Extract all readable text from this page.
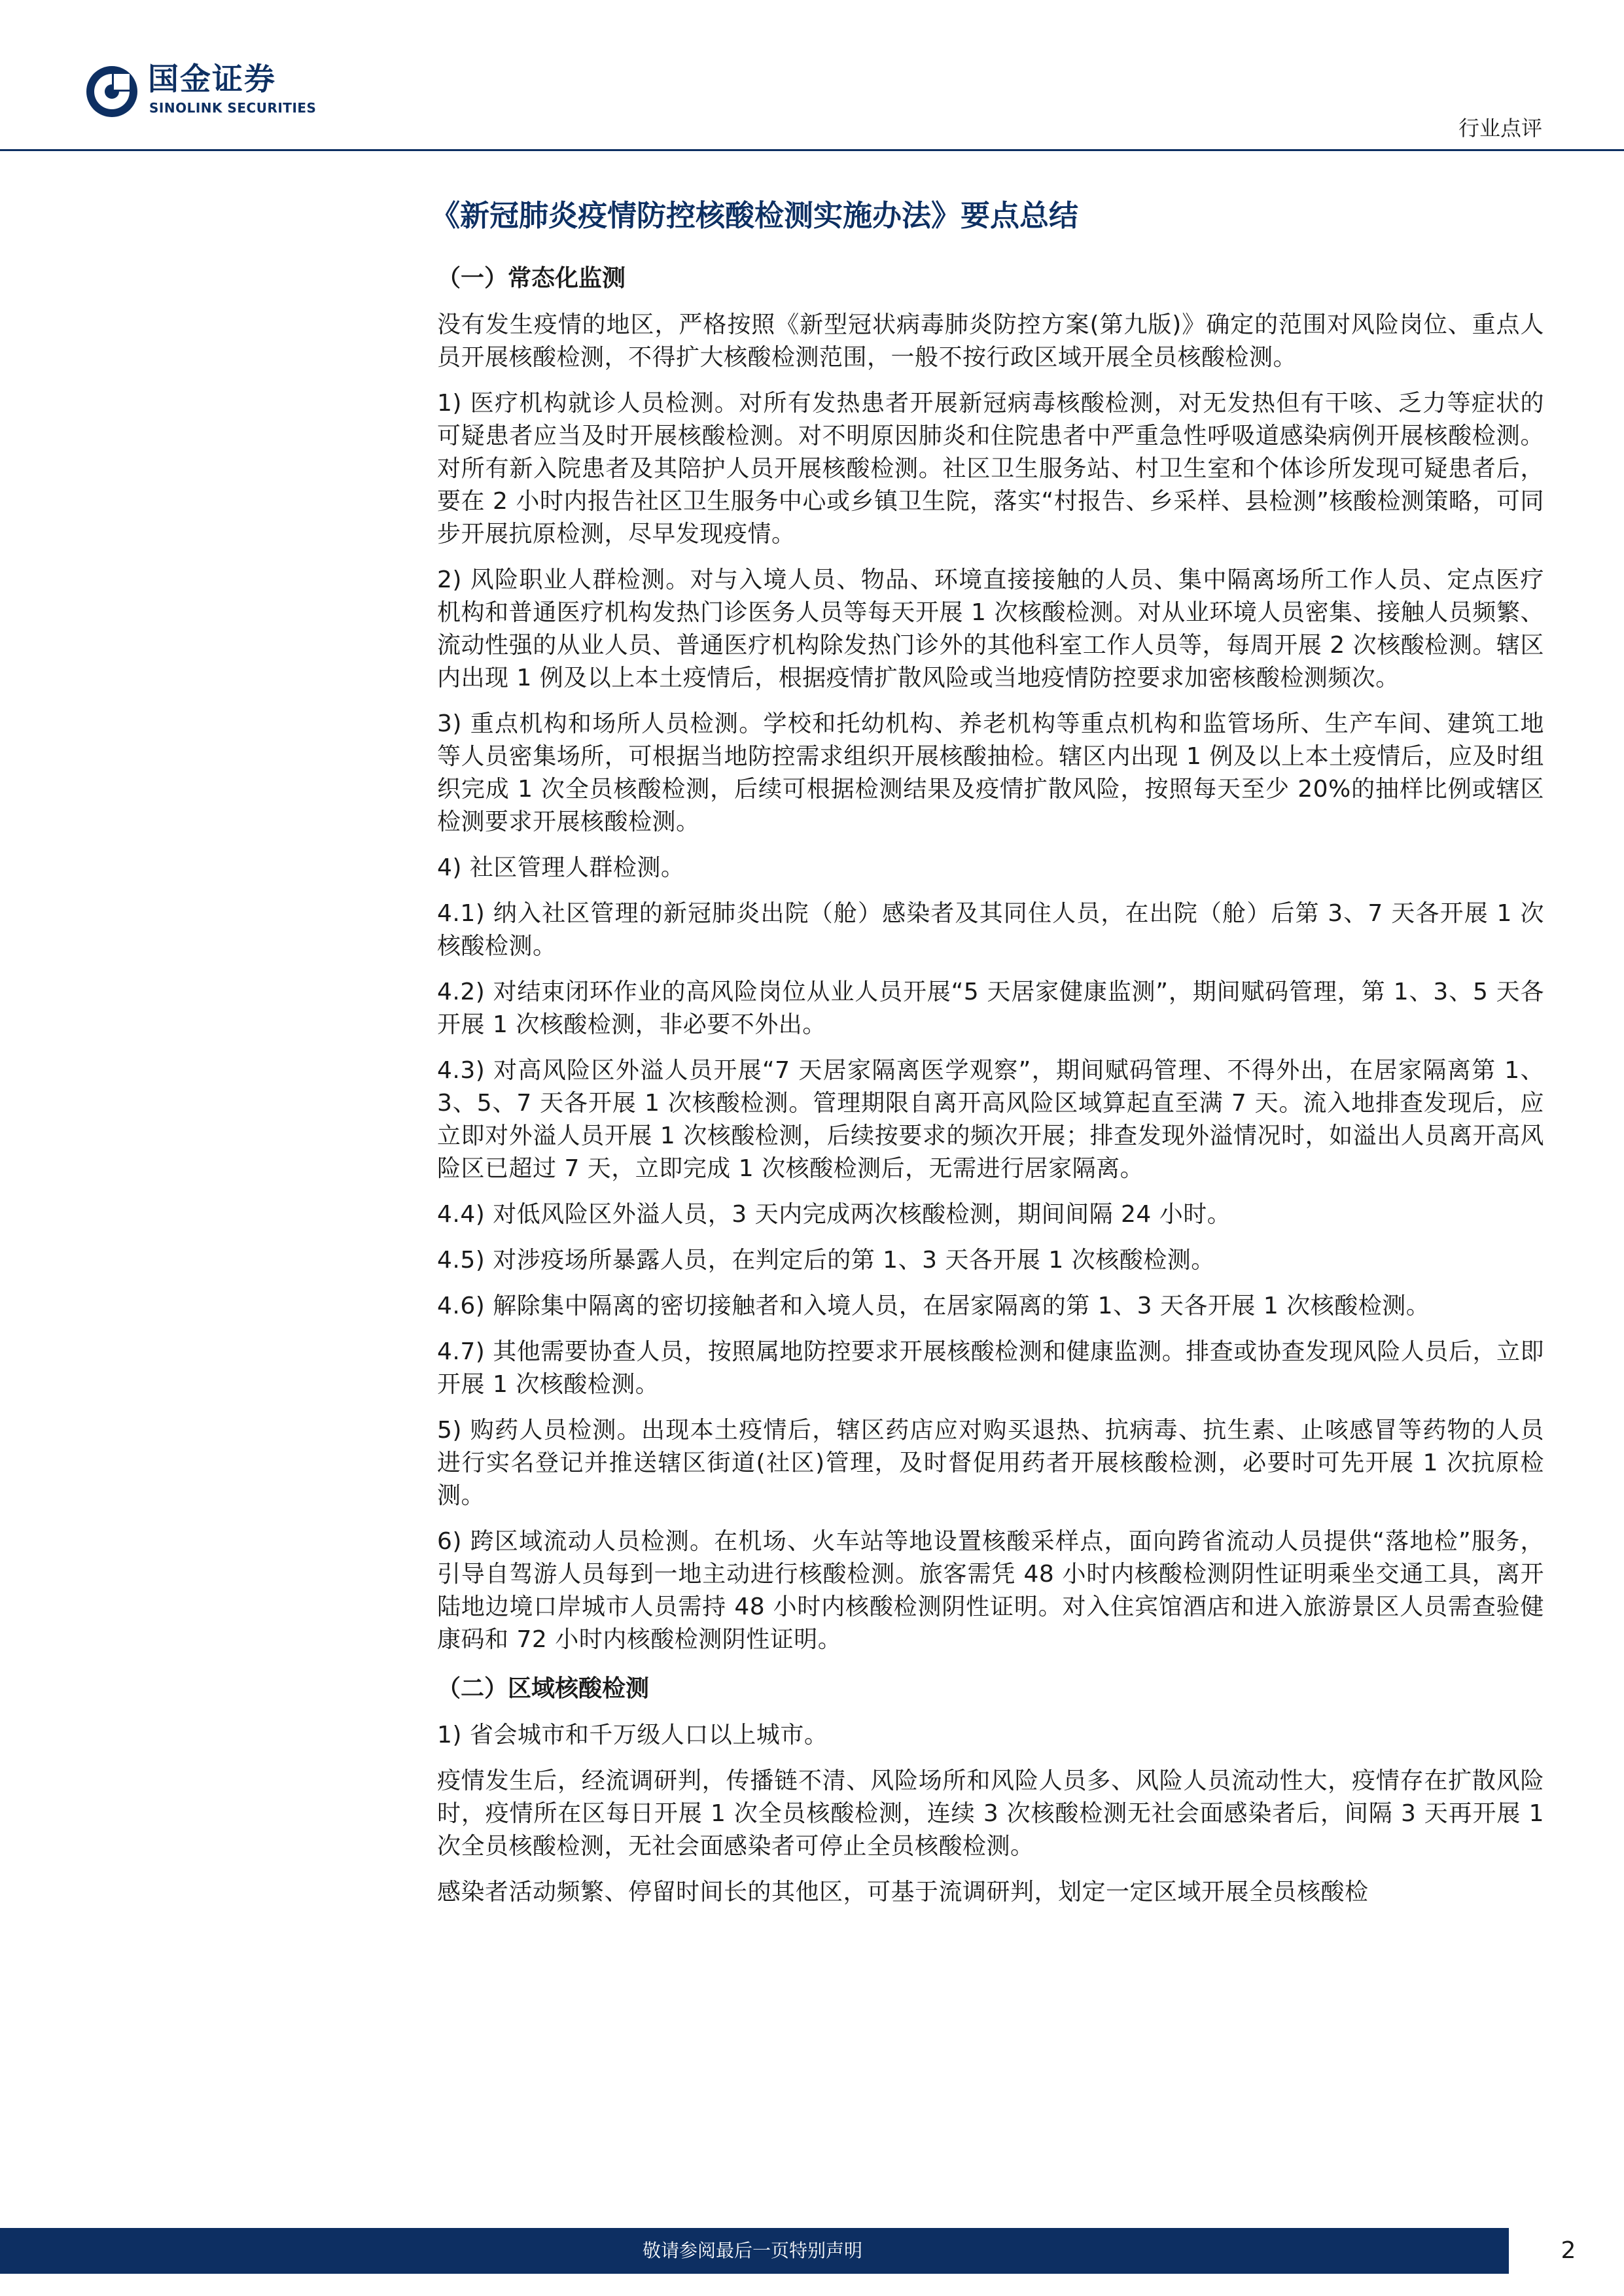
国金证券
SINOLINK SECURITIES
行业点评
《新冠肺炎疫情防控核酸检测实施办法》要点总结
（一）常态化监测

没有发生疫情的地区，严格按照《新型冠状病毒肺炎防控方案(第九版)》确定的范围对风险岗位、重点人员开展核酸检测，不得扩大核酸检测范围，一般不按行政区域开展全员核酸检测。

1) 医疗机构就诊人员检测。对所有发热患者开展新冠病毒核酸检测，对无发热但有干咳、乏力等症状的可疑患者应当及时开展核酸检测。对不明原因肺炎和住院患者中严重急性呼吸道感染病例开展核酸检测。对所有新入院患者及其陪护人员开展核酸检测。社区卫生服务站、村卫生室和个体诊所发现可疑患者后，要在 2 小时内报告社区卫生服务中心或乡镇卫生院，落实“村报告、乡采样、县检测”核酸检测策略，可同步开展抗原检测，尽早发现疫情。

2) 风险职业人群检测。对与入境人员、物品、环境直接接触的人员、集中隔离场所工作人员、定点医疗机构和普通医疗机构发热门诊医务人员等每天开展 1 次核酸检测。对从业环境人员密集、接触人员频繁、流动性强的从业人员、普通医疗机构除发热门诊外的其他科室工作人员等，每周开展 2 次核酸检测。辖区内出现 1 例及以上本土疫情后，根据疫情扩散风险或当地疫情防控要求加密核酸检测频次。

3) 重点机构和场所人员检测。学校和托幼机构、养老机构等重点机构和监管场所、生产车间、建筑工地等人员密集场所，可根据当地防控需求组织开展核酸抽检。辖区内出现 1 例及以上本土疫情后，应及时组织完成 1 次全员核酸检测，后续可根据检测结果及疫情扩散风险，按照每天至少 20%的抽样比例或辖区检测要求开展核酸检测。

4) 社区管理人群检测。

4.1) 纳入社区管理的新冠肺炎出院（舱）感染者及其同住人员，在出院（舱）后第 3、7 天各开展 1 次核酸检测。

4.2) 对结束闭环作业的高风险岗位从业人员开展“5 天居家健康监测”，期间赋码管理，第 1、3、5 天各开展 1 次核酸检测，非必要不外出。

4.3) 对高风险区外溢人员开展“7 天居家隔离医学观察”，期间赋码管理、不得外出，在居家隔离第 1、3、5、7 天各开展 1 次核酸检测。管理期限自离开高风险区域算起直至满 7 天。流入地排查发现后，应立即对外溢人员开展 1 次核酸检测，后续按要求的频次开展；排查发现外溢情况时，如溢出人员离开高风险区已超过 7 天，立即完成 1 次核酸检测后，无需进行居家隔离。

4.4) 对低风险区外溢人员，3 天内完成两次核酸检测，期间间隔 24 小时。

4.5) 对涉疫场所暴露人员，在判定后的第 1、3 天各开展 1 次核酸检测。

4.6) 解除集中隔离的密切接触者和入境人员，在居家隔离的第 1、3 天各开展 1 次核酸检测。

4.7) 其他需要协查人员，按照属地防控要求开展核酸检测和健康监测。排查或协查发现风险人员后，立即开展 1 次核酸检测。

5) 购药人员检测。出现本土疫情后，辖区药店应对购买退热、抗病毒、抗生素、止咳感冒等药物的人员进行实名登记并推送辖区街道(社区)管理，及时督促用药者开展核酸检测，必要时可先开展 1 次抗原检测。

6) 跨区域流动人员检测。在机场、火车站等地设置核酸采样点，面向跨省流动人员提供“落地检”服务，引导自驾游人员每到一地主动进行核酸检测。旅客需凭 48 小时内核酸检测阴性证明乘坐交通工具，离开陆地边境口岸城市人员需持 48 小时内核酸检测阴性证明。对入住宾馆酒店和进入旅游景区人员需查验健康码和 72 小时内核酸检测阴性证明。

（二）区域核酸检测

1) 省会城市和千万级人口以上城市。

疫情发生后，经流调研判，传播链不清、风险场所和风险人员多、风险人员流动性大，疫情存在扩散风险时，疫情所在区每日开展 1 次全员核酸检测，连续 3 次核酸检测无社会面感染者后，间隔 3 天再开展 1 次全员核酸检测，无社会面感染者可停止全员核酸检测。

感染者活动频繁、停留时间长的其他区，可基于流调研判，划定一定区域开展全员核酸检

敬请参阅最后一页特别声明	2
